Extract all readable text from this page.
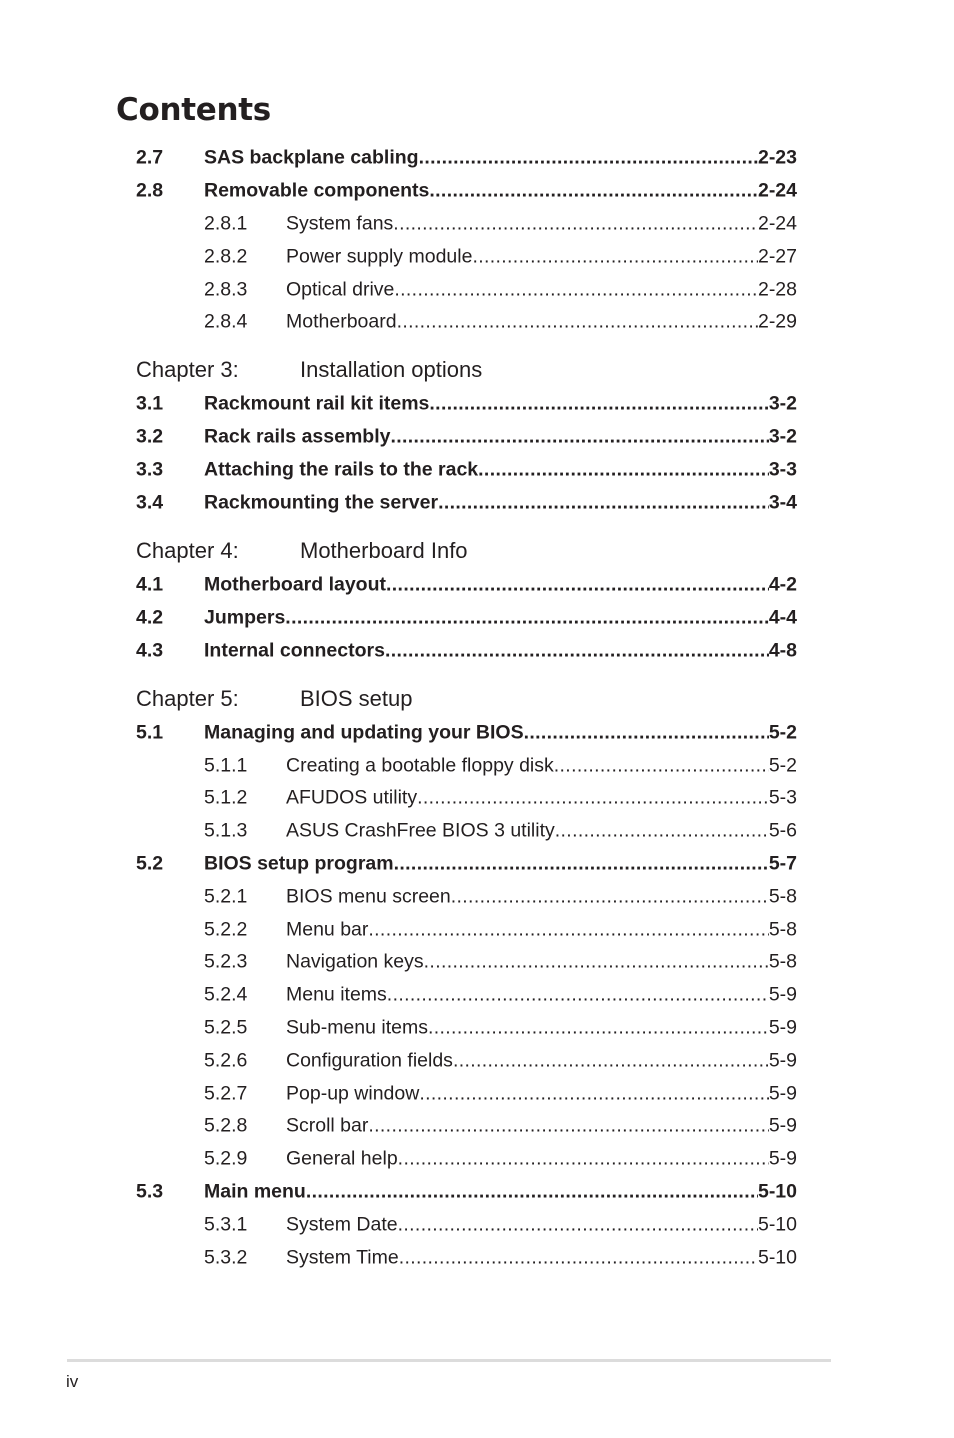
Contents
2.7 SAS backplane cabling .....	2-23
2.8 Removable components .....	2-24
2.8.1 System fans .....	2-24
2.8.2 Power supply module .....	2-27
2.8.3 Optical drive .....	2-28
2.8.4 Motherboard .....	2-29
Chapter 3:	Installation options
3.1 Rackmount rail kit items .....	3-2
3.2 Rack rails assembly .....	3-2
3.3 Attaching the rails to the rack .....	3-3
3.4 Rackmounting the server .....	3-4
Chapter 4:	Motherboard Info
4.1 Motherboard layout .....	4-2
4.2 Jumpers .....	4-4
4.3 Internal connectors .....	4-8
Chapter 5:	BIOS setup
5.1 Managing and updating your BIOS .....	5-2
5.1.1 Creating a bootable floppy disk .....	5-2
5.1.2 AFUDOS utility .....	5-3
5.1.3 ASUS CrashFree BIOS 3 utility .....	5-6
5.2 BIOS setup program .....	5-7
5.2.1 BIOS menu screen .....	5-8
5.2.2 Menu bar .....	5-8
5.2.3 Navigation keys .....	5-8
5.2.4 Menu items .....	5-9
5.2.5 Sub-menu items .....	5-9
5.2.6 Configuration fields .....	5-9
5.2.7 Pop-up window .....	5-9
5.2.8 Scroll bar .....	5-9
5.2.9 General help .....	5-9
5.3 Main menu .....	5-10
5.3.1 System Date .....	5-10
5.3.2 System Time .....	5-10
iv
